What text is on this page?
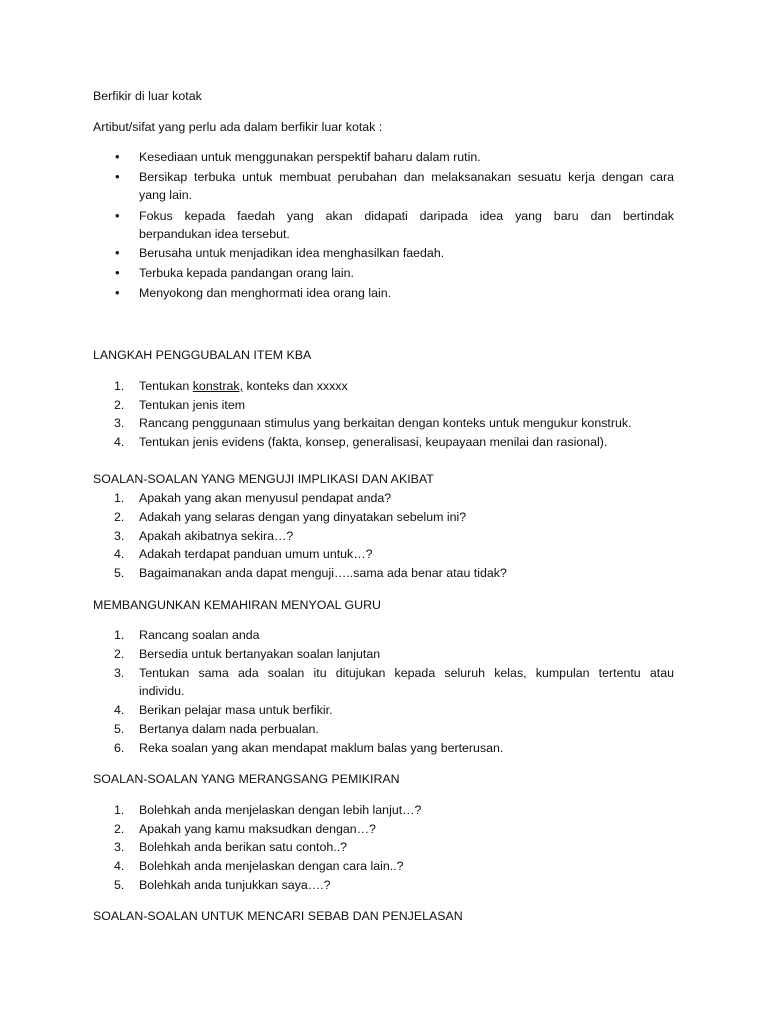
Berfikir di luar kotak
Artibut/sifat yang perlu ada dalam berfikir luar kotak :
• Kesediaan untuk menggunakan perspektif baharu dalam rutin.
• Bersikap terbuka untuk membuat perubahan dan melaksanakan sesuatu kerja dengan cara
yang lain.
• Fokus kepada faedah yang akan didapati daripada idea yang baru dan bertindak
berpandukan idea tersebut.
• Berusaha untuk menjadikan idea menghasilkan faedah.
• Terbuka kepada pandangan orang lain.
• Menyokong dan menghormati idea orang lain.
LANGKAH PENGGUBALAN ITEM KBA
1. Tentukan konstrak, konteks dan xxxxx
2. Tentukan jenis item
3. Rancang penggunaan stimulus yang berkaitan dengan konteks untuk mengukur konstruk.
4. Tentukan jenis evidens (fakta, konsep, generalisasi, keupayaan menilai dan rasional).
SOALAN-SOALAN YANG MENGUJI IMPLIKASI DAN AKIBAT
1. Apakah yang akan menyusul pendapat anda?
2. Adakah yang selaras dengan yang dinyatakan sebelum ini?
3. Apakah akibatnya sekira…?
4. Adakah terdapat panduan umum untuk…?
5. Bagaimanakan anda dapat menguji…..sama ada benar atau tidak?
MEMBANGUNKAN KEMAHIRAN MENYOAL GURU
1. Rancang soalan anda
2. Bersedia untuk bertanyakan soalan lanjutan
3. Tentukan sama ada soalan itu ditujukan kepada seluruh kelas, kumpulan tertentu atau
individu.
4. Berikan pelajar masa untuk berfikir.
5. Bertanya dalam nada perbualan.
6. Reka soalan yang akan mendapat maklum balas yang berterusan.
SOALAN-SOALAN YANG MERANGSANG PEMIKIRAN
1. Bolehkah anda menjelaskan dengan lebih lanjut…?
2. Apakah yang kamu maksudkan dengan…?
3. Bolehkah anda berikan satu contoh..?
4. Bolehkah anda menjelaskan dengan cara lain..?
5. Bolehkah anda tunjukkan saya….?
SOALAN-SOALAN UNTUK MENCARI SEBAB DAN PENJELASAN
